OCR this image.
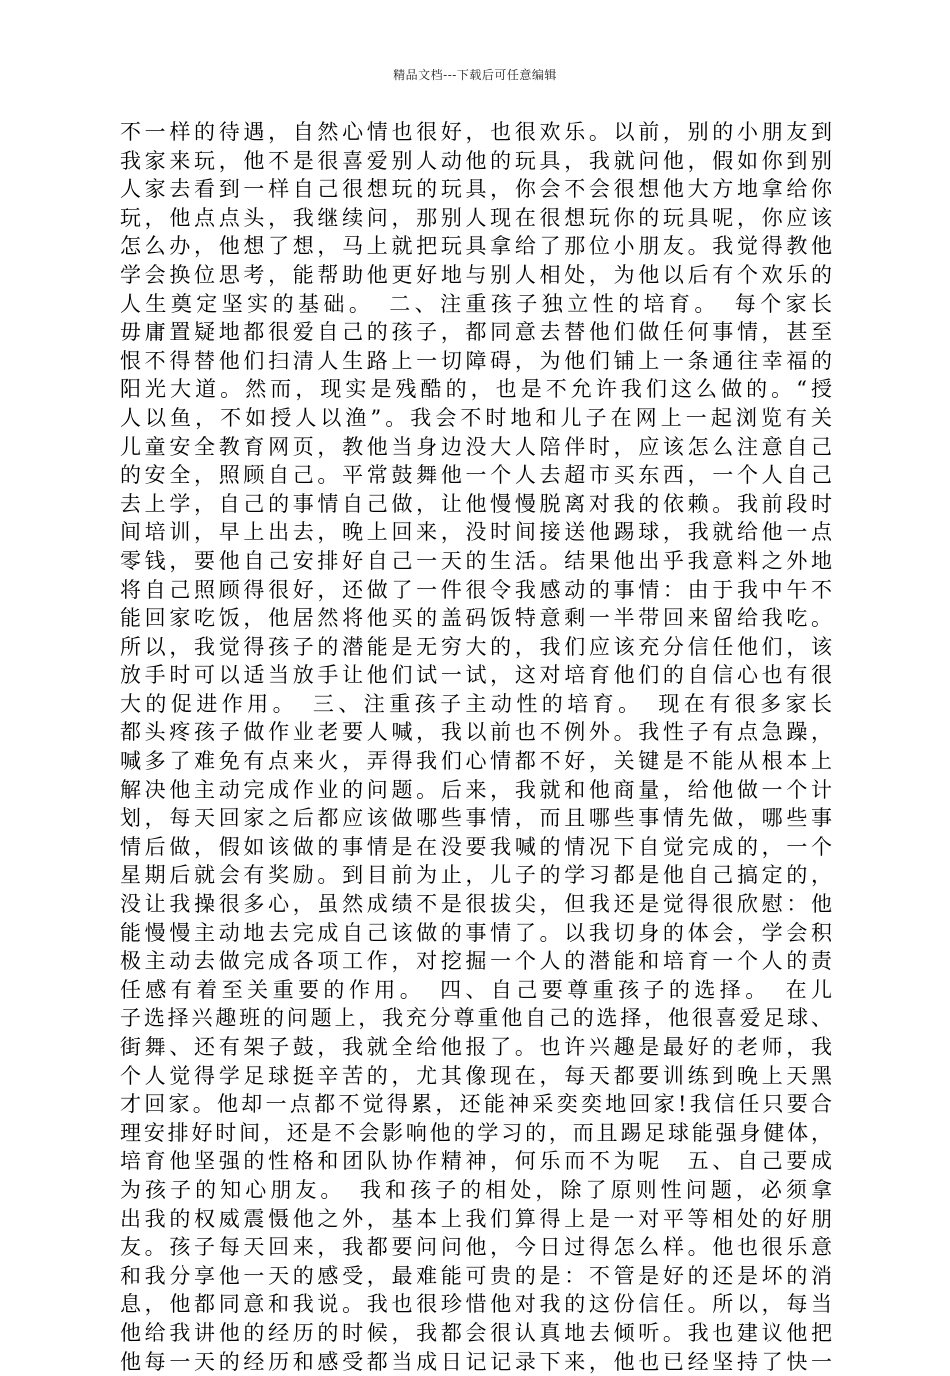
精品文档---下载后可任意编辑
不一样的待遇，自然心情也很好，也很欢乐。以前，别的小朋友到
我家来玩，他不是很喜爱别人动他的玩具，我就问他，假如你到别
人家去看到一样自己很想玩的玩具，你会不会很想他大方地拿给你
玩，他点点头，我继续问，那别人现在很想玩你的玩具呢，你应该
怎么办，他想了想，马上就把玩具拿给了那位小朋友。我觉得教他
学会换位思考，能帮助他更好地与别人相处，为他以后有个欢乐的
人生奠定坚实的基础。　二、注重孩子独立性的培育。　每个家长
毋庸置疑地都很爱自己的孩子，都同意去替他们做任何事情，甚至
恨不得替他们扫清人生路上一切障碍，为他们铺上一条通往幸福的
阳光大道。然而，现实是残酷的，也是不允许我们这么做的。“授
人以鱼，不如授人以渔”。我会不时地和儿子在网上一起浏览有关
儿童安全教育网页，教他当身边没大人陪伴时，应该怎么注意自己
的安全，照顾自己。平常鼓舞他一个人去超市买东西，一个人自己
去上学，自己的事情自己做，让他慢慢脱离对我的依赖。我前段时
间培训，早上出去，晚上回来，没时间接送他踢球，我就给他一点
零钱，要他自己安排好自己一天的生活。结果他出乎我意料之外地
将自己照顾得很好，还做了一件很令我感动的事情：由于我中午不
能回家吃饭，他居然将他买的盖码饭特意剩一半带回来留给我吃。
所以，我觉得孩子的潜能是无穷大的，我们应该充分信任他们，该
放手时可以适当放手让他们试一试，这对培育他们的自信心也有很
大的促进作用。　三、注重孩子主动性的培育。　现在有很多家长
都头疼孩子做作业老要人喊，我以前也不例外。我性子有点急躁，
喊多了难免有点来火，弄得我们心情都不好，关键是不能从根本上
解决他主动完成作业的问题。后来，我就和他商量，给他做一个计
划，每天回家之后都应该做哪些事情，而且哪些事情先做，哪些事
情后做，假如该做的事情是在没要我喊的情况下自觉完成的，一个
星期后就会有奖励。到目前为止，儿子的学习都是他自己搞定的，
没让我操很多心，虽然成绩不是很拔尖，但我还是觉得很欣慰：他
能慢慢主动地去完成自己该做的事情了。以我切身的体会，学会积
极主动去做完成各项工作，对挖掘一个人的潜能和培育一个人的责
任感有着至关重要的作用。　四、自己要尊重孩子的选择。　在儿
子选择兴趣班的问题上，我充分尊重他自己的选择，他很喜爱足球、
街舞、还有架子鼓，我就全给他报了。也许兴趣是最好的老师，我
个人觉得学足球挺辛苦的，尤其像现在，每天都要训练到晚上天黑
才回家。他却一点都不觉得累，还能神采奕奕地回家!我信任只要合
理安排好时间，还是不会影响他的学习的，而且踢足球能强身健体，
培育他坚强的性格和团队协作精神，何乐而不为呢　五、自己要成
为孩子的知心朋友。　我和孩子的相处，除了原则性问题，必须拿
出我的权威震慑他之外，基本上我们算得上是一对平等相处的好朋
友。孩子每天回来，我都要问问他，今日过得怎么样。他也很乐意
和我分享他一天的感受，最难能可贵的是：不管是好的还是坏的消
息，他都同意和我说。我也很珍惜他对我的这份信任。所以，每当
他给我讲他的经历的时候，我都会很认真地去倾听。我也建议他把
他每一天的经历和感受都当成日记记录下来，他也已经坚持了快一
